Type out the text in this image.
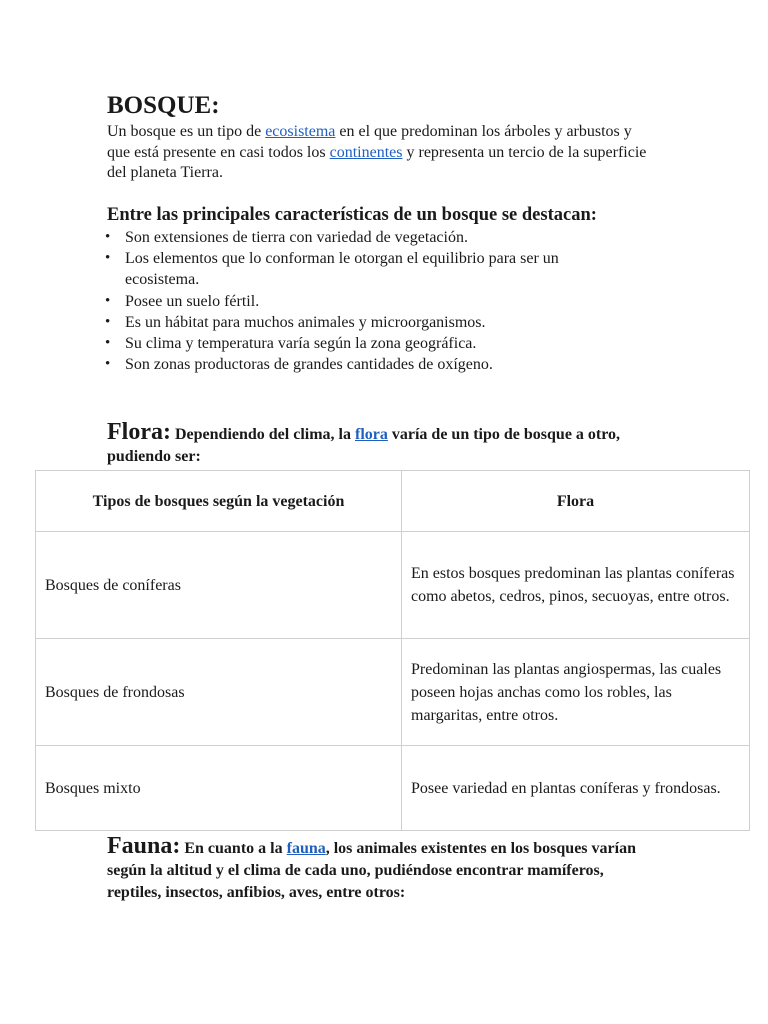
BOSQUE:

Un bosque es un tipo de ecosistema en el que predominan los árboles y arbustos y que está presente en casi todos los continentes y representa un tercio de la superficie del planeta Tierra.

Entre las principales características de un bosque se destacan:
• Son extensiones de tierra con variedad de vegetación.
• Los elementos que lo conforman le otorgan el equilibrio para ser un ecosistema.
• Posee un suelo fértil.
• Es un hábitat para muchos animales y microorganismos.
• Su clima y temperatura varía según la zona geográfica.
• Son zonas productoras de grandes cantidades de oxígeno.

Flora: Dependiendo del clima, la flora varía de un tipo de bosque a otro, pudiendo ser:

Tipos de bosques según la vegetación	Flora
Bosques de coníferas	En estos bosques predominan las plantas coníferas como abetos, cedros, pinos, secuoyas, entre otros.
Bosques de frondosas	Predominan las plantas angiospermas, las cuales poseen hojas anchas como los robles, las margaritas, entre otros.
Bosques mixto	Posee variedad en plantas coníferas y frondosas.

Fauna: En cuanto a la fauna, los animales existentes en los bosques varían según la altitud y el clima de cada uno, pudiéndose encontrar mamíferos, reptiles, insectos, anfibios, aves, entre otros:
